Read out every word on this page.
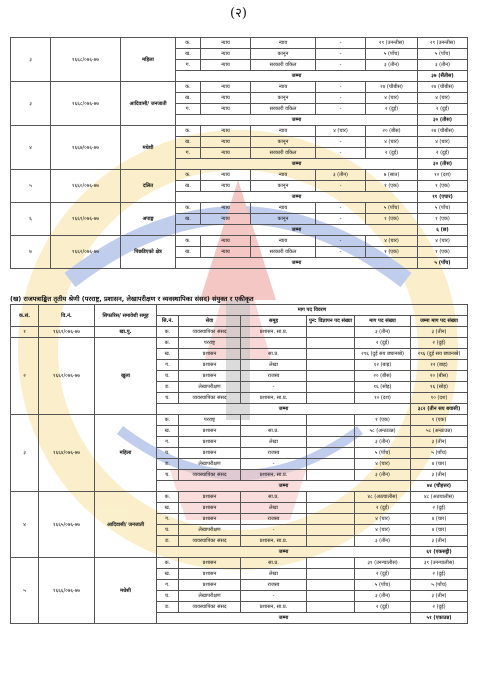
(२)
३	१६६८/०७६-७७	महिला	क.	न्याय	न्याय	-	२९ (उनन्तीस)	२९ (उनन्तीस)
			ख.	न्याय	कानून	-	५ (पाँच)	५ (पाँच)
			ग.	न्याय	सरकारी वकिल	-	३ (तीन)	३ (तीन)
			जम्मा					३७ (सैंतीस)
३	१६६८/०७६-७७	आदिवासी/ जनजाती	क.	न्याय	न्याय	-	२४ (चौबीस)	२४ (चौबीस)
			ख.	न्याय	कानून	-	४ (चार)	४ (चार)
			ग.	न्याय	सरकारी वकिल	-	२ (दुई)	२ (दुई)
			जम्मा					३० (तीस)
४	१६६७/०७६-७७	मधेशी	क.	न्याय	न्याय	४ (चार)	२० (बीस)	२४ (चौबीस)
			ख.	न्याय	कानून	-	४ (चार)	४ (चार)
			ग.	न्याय	सरकारी वकिल	-	२ (दुई)	२ (दुई)
			जम्मा					३० (तीस)
५	१६६०/०७६-७७	दलित	क.	न्याय	न्याय	३ (तीन)	७ (सात)	१० (दश)
			ख.	न्याय	कानून	-	१ (एक)	१ (एक)
			जम्मा					११ (एघार)
६	१६६९/०७६-७७	अपाङ्ग	क.	न्याय	न्याय	-	५ (पाँच)	५ (पाँच)
			ख.	न्याय	कानून	-	१ (एक)	१ (एक)
			जम्मा					६ (छ)
७	१६६२/०७६-७७	पिछडिएको क्षेत्र	क.	न्याय	न्याय	-	४ (चार)	४ (चार)
			ख.	न्याय	सरकारी वकिल	-	१ (एक)	१ (एक)
			जम्मा					५ (पाँच)
(ख) राजपत्राङ्कित तृतीय श्रेणी (परराष्ट्र, प्रशासन, लेखापरीक्षण र व्यवस्थापिका संसद) संयुक्त र एकीकृत
क.सं.	वि.नं.	सिफारिस/ समावेशी समूह	माग पद विवरण					
			सि.नं.	सेवा	समूह	पुन: विज्ञापन पद संख्या	माग पद संख्या	जम्मा माग पद संख्या
१	१६६१/०७६-७७	खा.पु.	क.	व्यवस्थापिका संसद	प्रशासन, सा.प्र.		३ (तीन)	३ (तीन)
२	१६६२/०७६-७७	खुला	क.	परराष्ट्र			२ (दुई)	२ (दुई)
			ख.	प्रशासन	सा.प्र.		२९६ (दुई सय छ्यानब्बे)	२९६ (दुई सय छ्यानब्बे)
			ग.	प्रशासन	लेखा		१२ (बाह्र)	१२ (बाह्र)
			घ.	प्रशासन	राजस्व		२० (बीस)	२० (बीस)
			ङ.	लेखापरीक्षण	-		१६ (सोह्र)	१६ (सोह्र)
			च.	व्यवस्थापिका संसद	प्रशासन, सा.प्र.		१० (दश)	१० (दश)
			जम्मा					३८२ (तीन सय बयासी)
३	१६६४/०७६-७७	महिला	क.	परराष्ट्र			१ (एक)	१ (एक)
			ख.	प्रशासन	सा.प्र.		५८ (अन्ठाउन्न)	५८ (अन्ठाउन्न)
			ग.	प्रशासन	लेखा		३ (तीन)	३ (तीन)
			घ.	प्रशासन	राजस्व		५ (पाँच)	५ (पाँच)
			ङ.	लेखापरीक्षण	-		४ (चार)	४ (चार)
			च.	व्यवस्थापिका संसद	प्रशासन, सा.प्र.		३ (तीन)	३ (तीन)
			जम्मा					७४ (चौहत्तर)
४	१६६५/०७६-७७	आदिवासी/ जनजाती	क.	प्रशासन	सा.प्र.		४८ (अठचालीस)	४८ (अठचालीस)
			ख.	प्रशासन	लेखा		२ (दुई)	२ (दुई)
			ग.	प्रशासन	राजस्व		४ (चार)	४ (चार)
			घ.	लेखापरीक्षण	-		४ (चार)	४ (चार)
			ङ.	व्यवस्थापिका संसद	प्रशासन, सा.प्र.		३ (तीन)	३ (तीन)
			जम्मा					६१ (एकसट्ठी)
५	१६६६/०७६-७७	मधेशी	क.	प्रशासन	सा.प्र.		३९ (उनन्चालीस)	३९ (उनन्चालीस)
			ख.	प्रशासन	लेखा		२ (दुई)	२ (दुई)
			ग.	प्रशासन	राजस्व		५ (पाँच)	५ (पाँच)
			घ.	लेखापरीक्षण	-		३ (तीन)	३ (तीन)
			ङ.	व्यवस्थापिका संसद	प्रशासन, सा.प्र.		२ (दुई)	२ (दुई)
			जम्मा					५१ (एकाउन्न)
